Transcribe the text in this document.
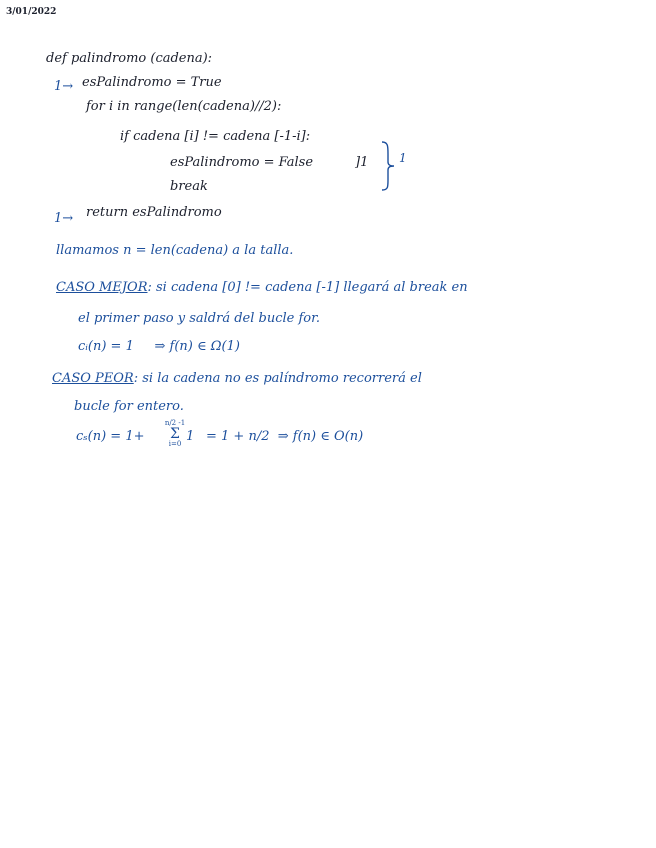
3/01/2022
def palindromo (cadena):
1→ esPalindromo = True
for i in range(len(cadena)//2):
if cadena [i] != cadena [-1-i]:
esPalindromo = False	]1
break
1
1→ return esPalindromo
llamamos n = len(cadena) a la talla.
CASO MEJOR: si cadena [0] != cadena [-1] llegará al break en
el primer paso y saldrá del bucle for.
cᵢ(n) = 1     ⇒ f(n) ∈ Ω(1)
CASO PEOR: si la cadena no es palíndromo recorrerá el
bucle for entero.
cₛ(n) = 1+
n/2 -1
Σ
i=0 1 = 1 + n/2  ⇒ f(n) ∈ O(n)
